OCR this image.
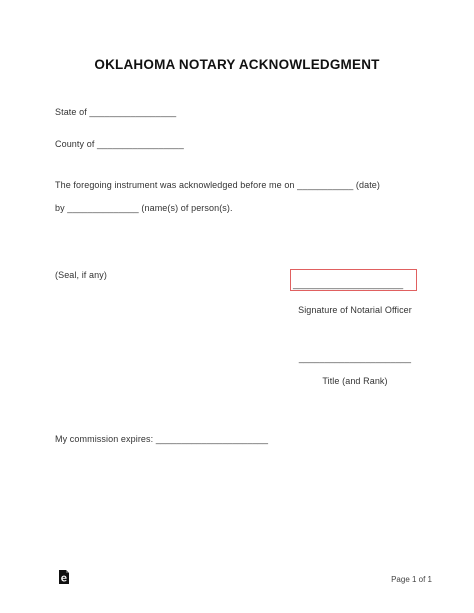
OKLAHOMA NOTARY ACKNOWLEDGMENT
State of _________________
County of _________________
The foregoing instrument was acknowledged before me on ___________ (date)
by ______________ (name(s) of person(s).
(Seal, if any)
______________________
Signature of Notarial Officer
______________________
Title (and Rank)
My commission expires: ______________________
Page 1 of 1
